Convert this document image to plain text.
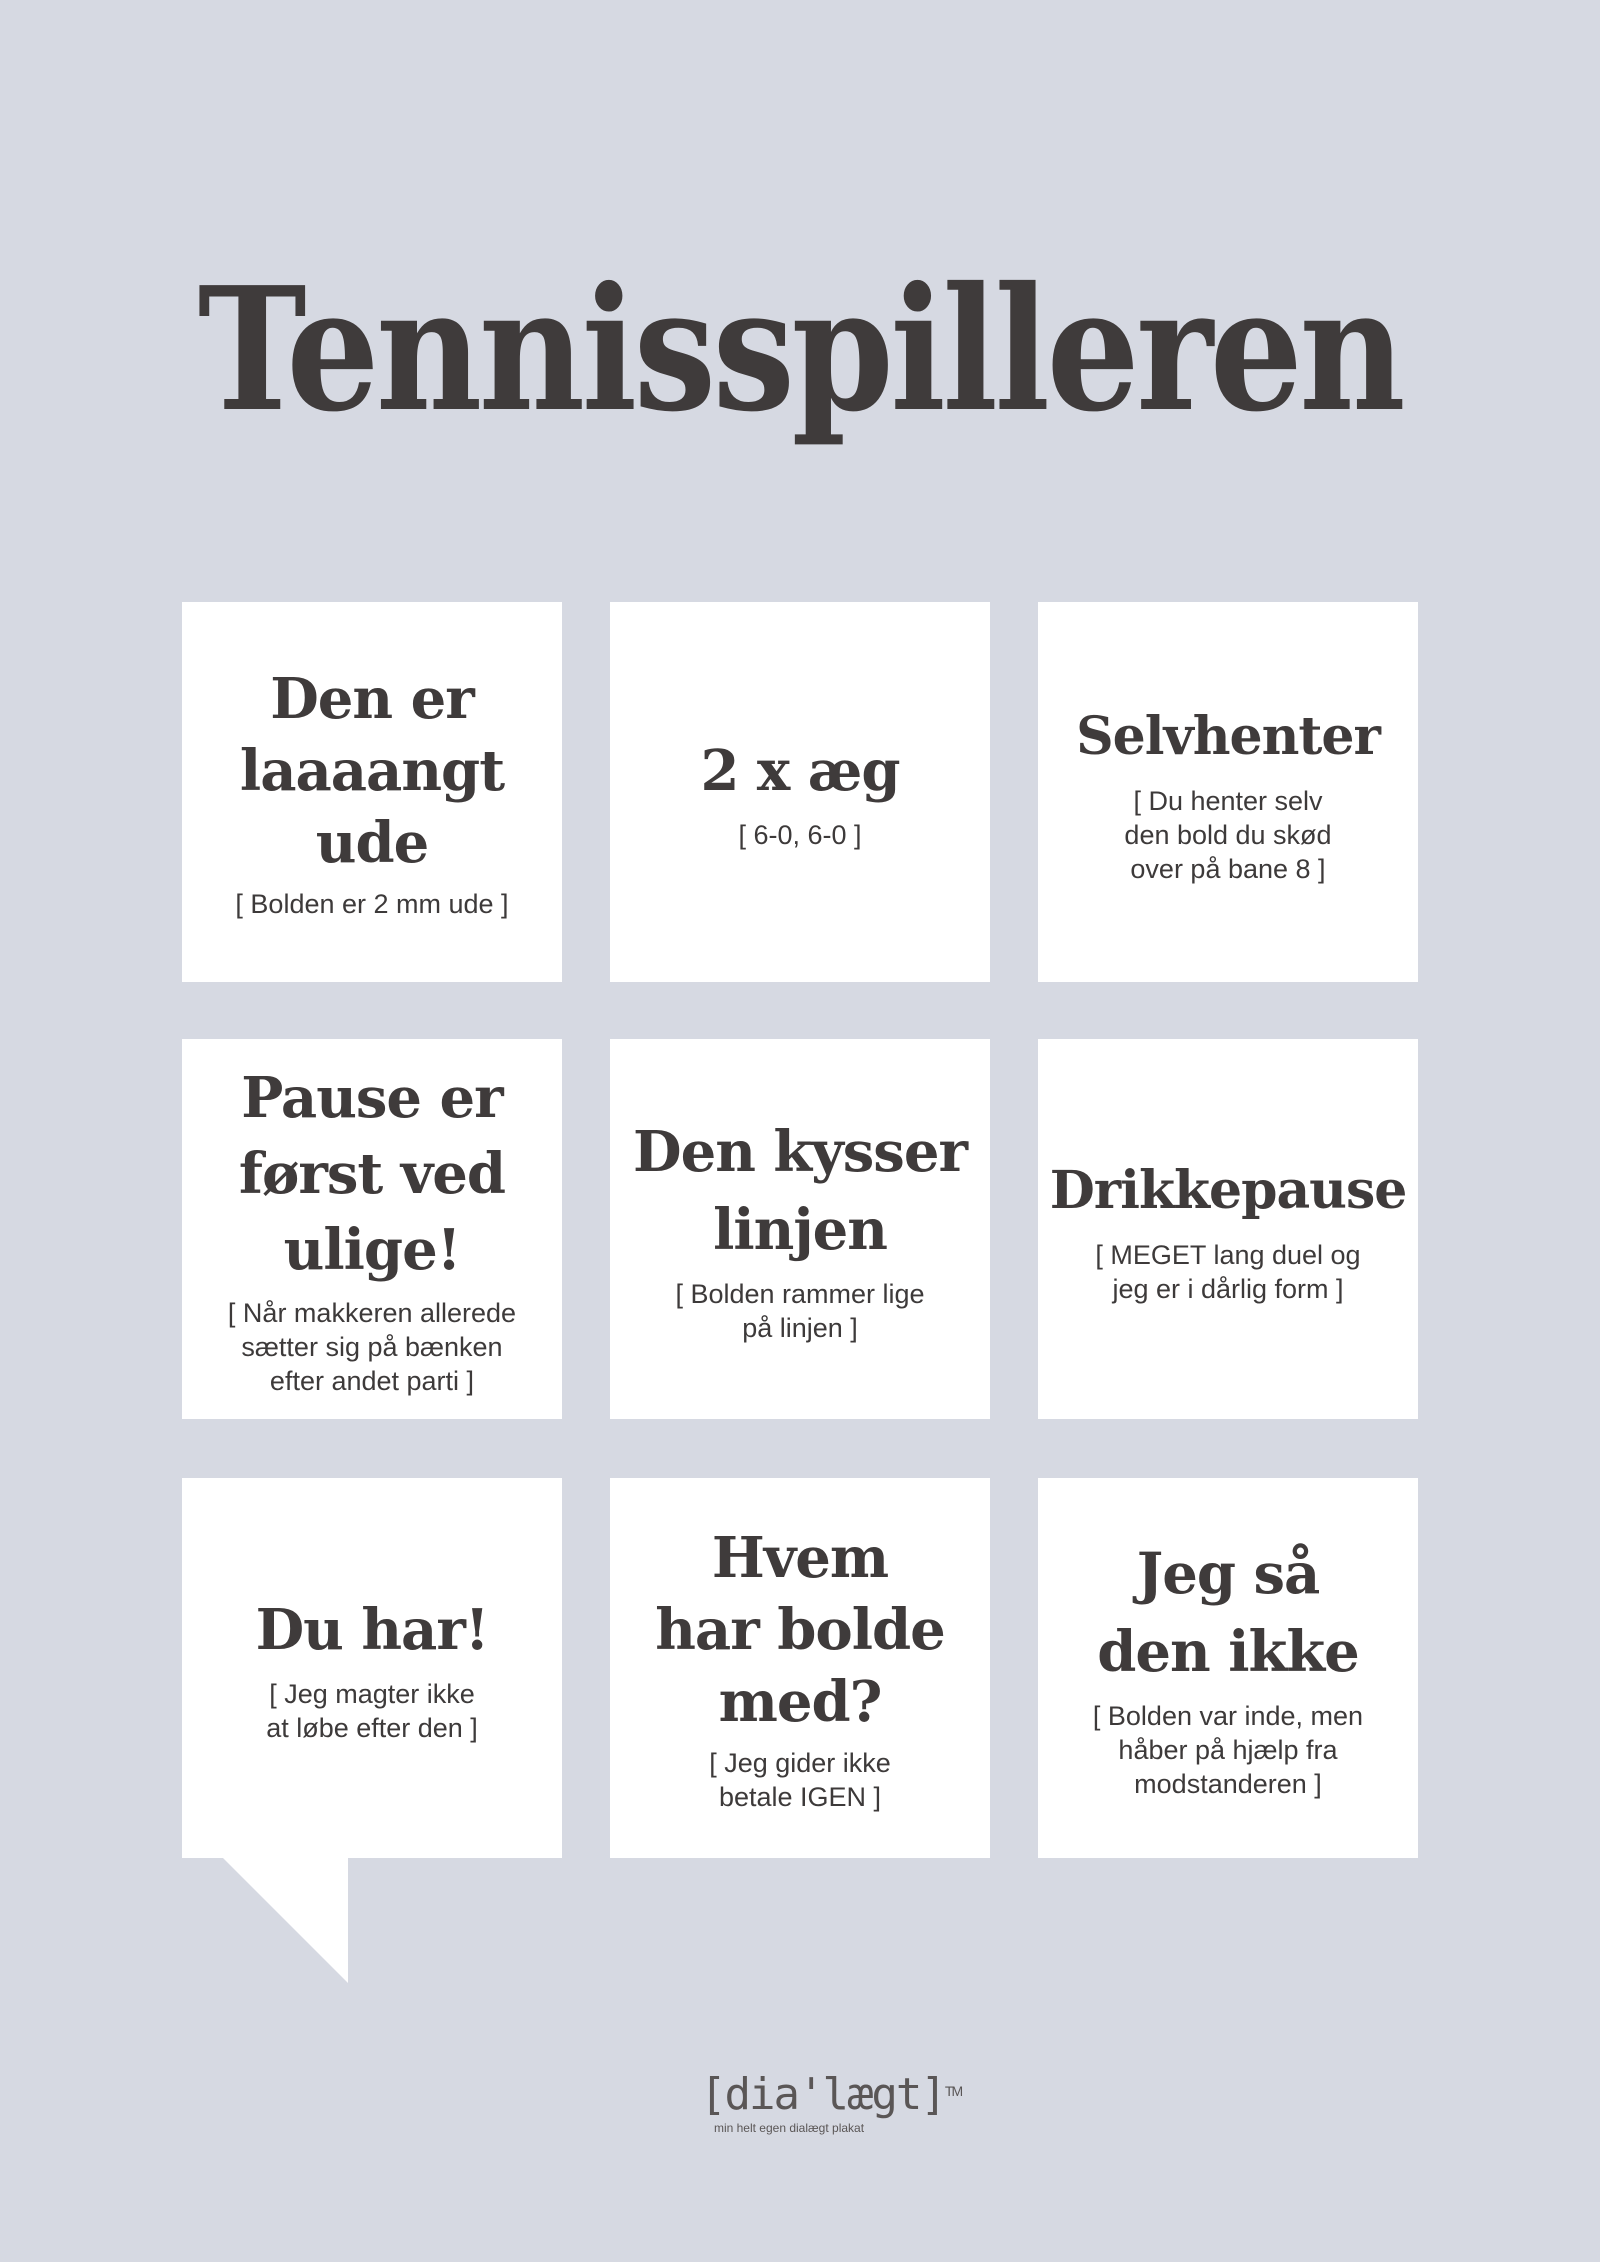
Tennisspilleren
Den er
laaaangt
ude
[ Bolden er 2 mm ude ]
2 x æg
[ 6-0, 6-0 ]
Selvhenter
[ Du henter selv
den bold du skød
over på bane 8 ]
Pause er
først ved
ulige!
[ Når makkeren allerede
sætter sig på bænken
efter andet parti ]
Den kysser
linjen
[ Bolden rammer lige
på linjen ]
Drikkepause
[ MEGET lang duel og
jeg er i dårlig form ]
Du har!
[ Jeg magter ikke
at løbe efter den ]
Hvem
har bolde
med?
[ Jeg gider ikke
betale IGEN ]
Jeg så
den ikke
[ Bolden var inde, men
håber på hjælp fra
modstanderen ]
[dia'lægt]™
min helt egen dialægt plakat
